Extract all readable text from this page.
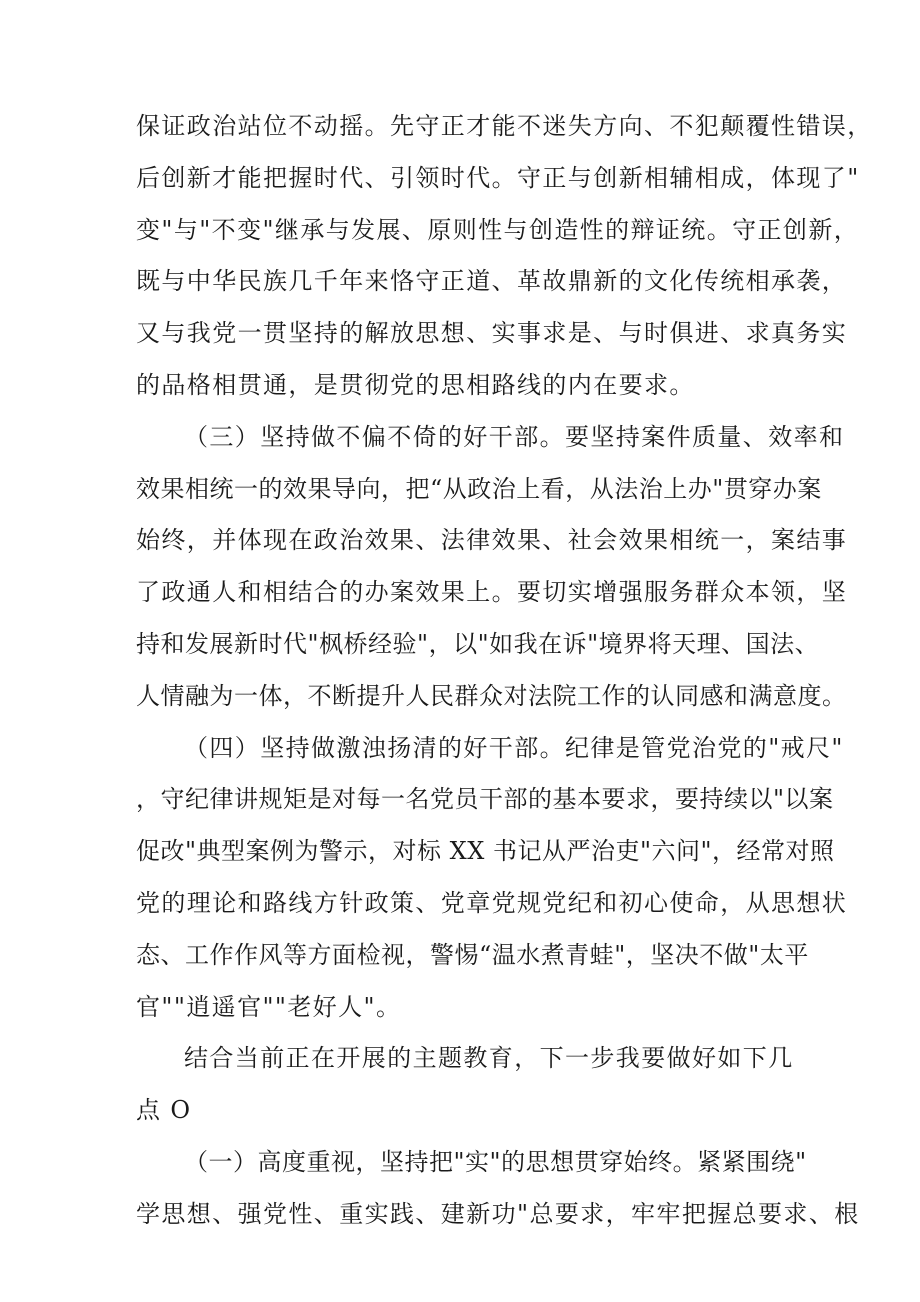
保证政治站位不动摇。先守正才能不迷失方向、不犯颠覆性错误，
后创新才能把握时代、引领时代。守正与创新相辅相成，体现了"
变"与"不变"继承与发展、原则性与创造性的辩证统。守正创新，
既与中华民族几千年来恪守正道、革故鼎新的文化传统相承袭，
又与我党一贯坚持的解放思想、实事求是、与时俱进、求真务实
的品格相贯通，是贯彻党的思相路线的内在要求。
（三）坚持做不偏不倚的好干部。要坚持案件质量、效率和
效果相统一的效果导向，把“从政治上看，从法治上办"贯穿办案
始终，并体现在政治效果、法律效果、社会效果相统一，案结事
了政通人和相结合的办案效果上。要切实增强服务群众本领，坚
持和发展新时代"枫桥经验"，以"如我在诉"境界将天理、国法、
人情融为一体，不断提升人民群众对法院工作的认同感和满意度。
（四）坚持做激浊扬清的好干部。纪律是管党治党的"戒尺"
，守纪律讲规矩是对每一名党员干部的基本要求，要持续以"以案
促改"典型案例为警示，对标 XX 书记从严治吏"六问"，经常对照
党的理论和路线方针政策、党章党规党纪和初心使命，从思想状
态、工作作风等方面检视，警惕“温水煮青蛙"，坚决不做"太平
官""逍遥官""老好人"。
结合当前正在开展的主题教育，下一步我要做好如下几
点 O
（一）高度重视，坚持把"实"的思想贯穿始终。紧紧围绕"
学思想、强党性、重实践、建新功"总要求，牢牢把握总要求、根
